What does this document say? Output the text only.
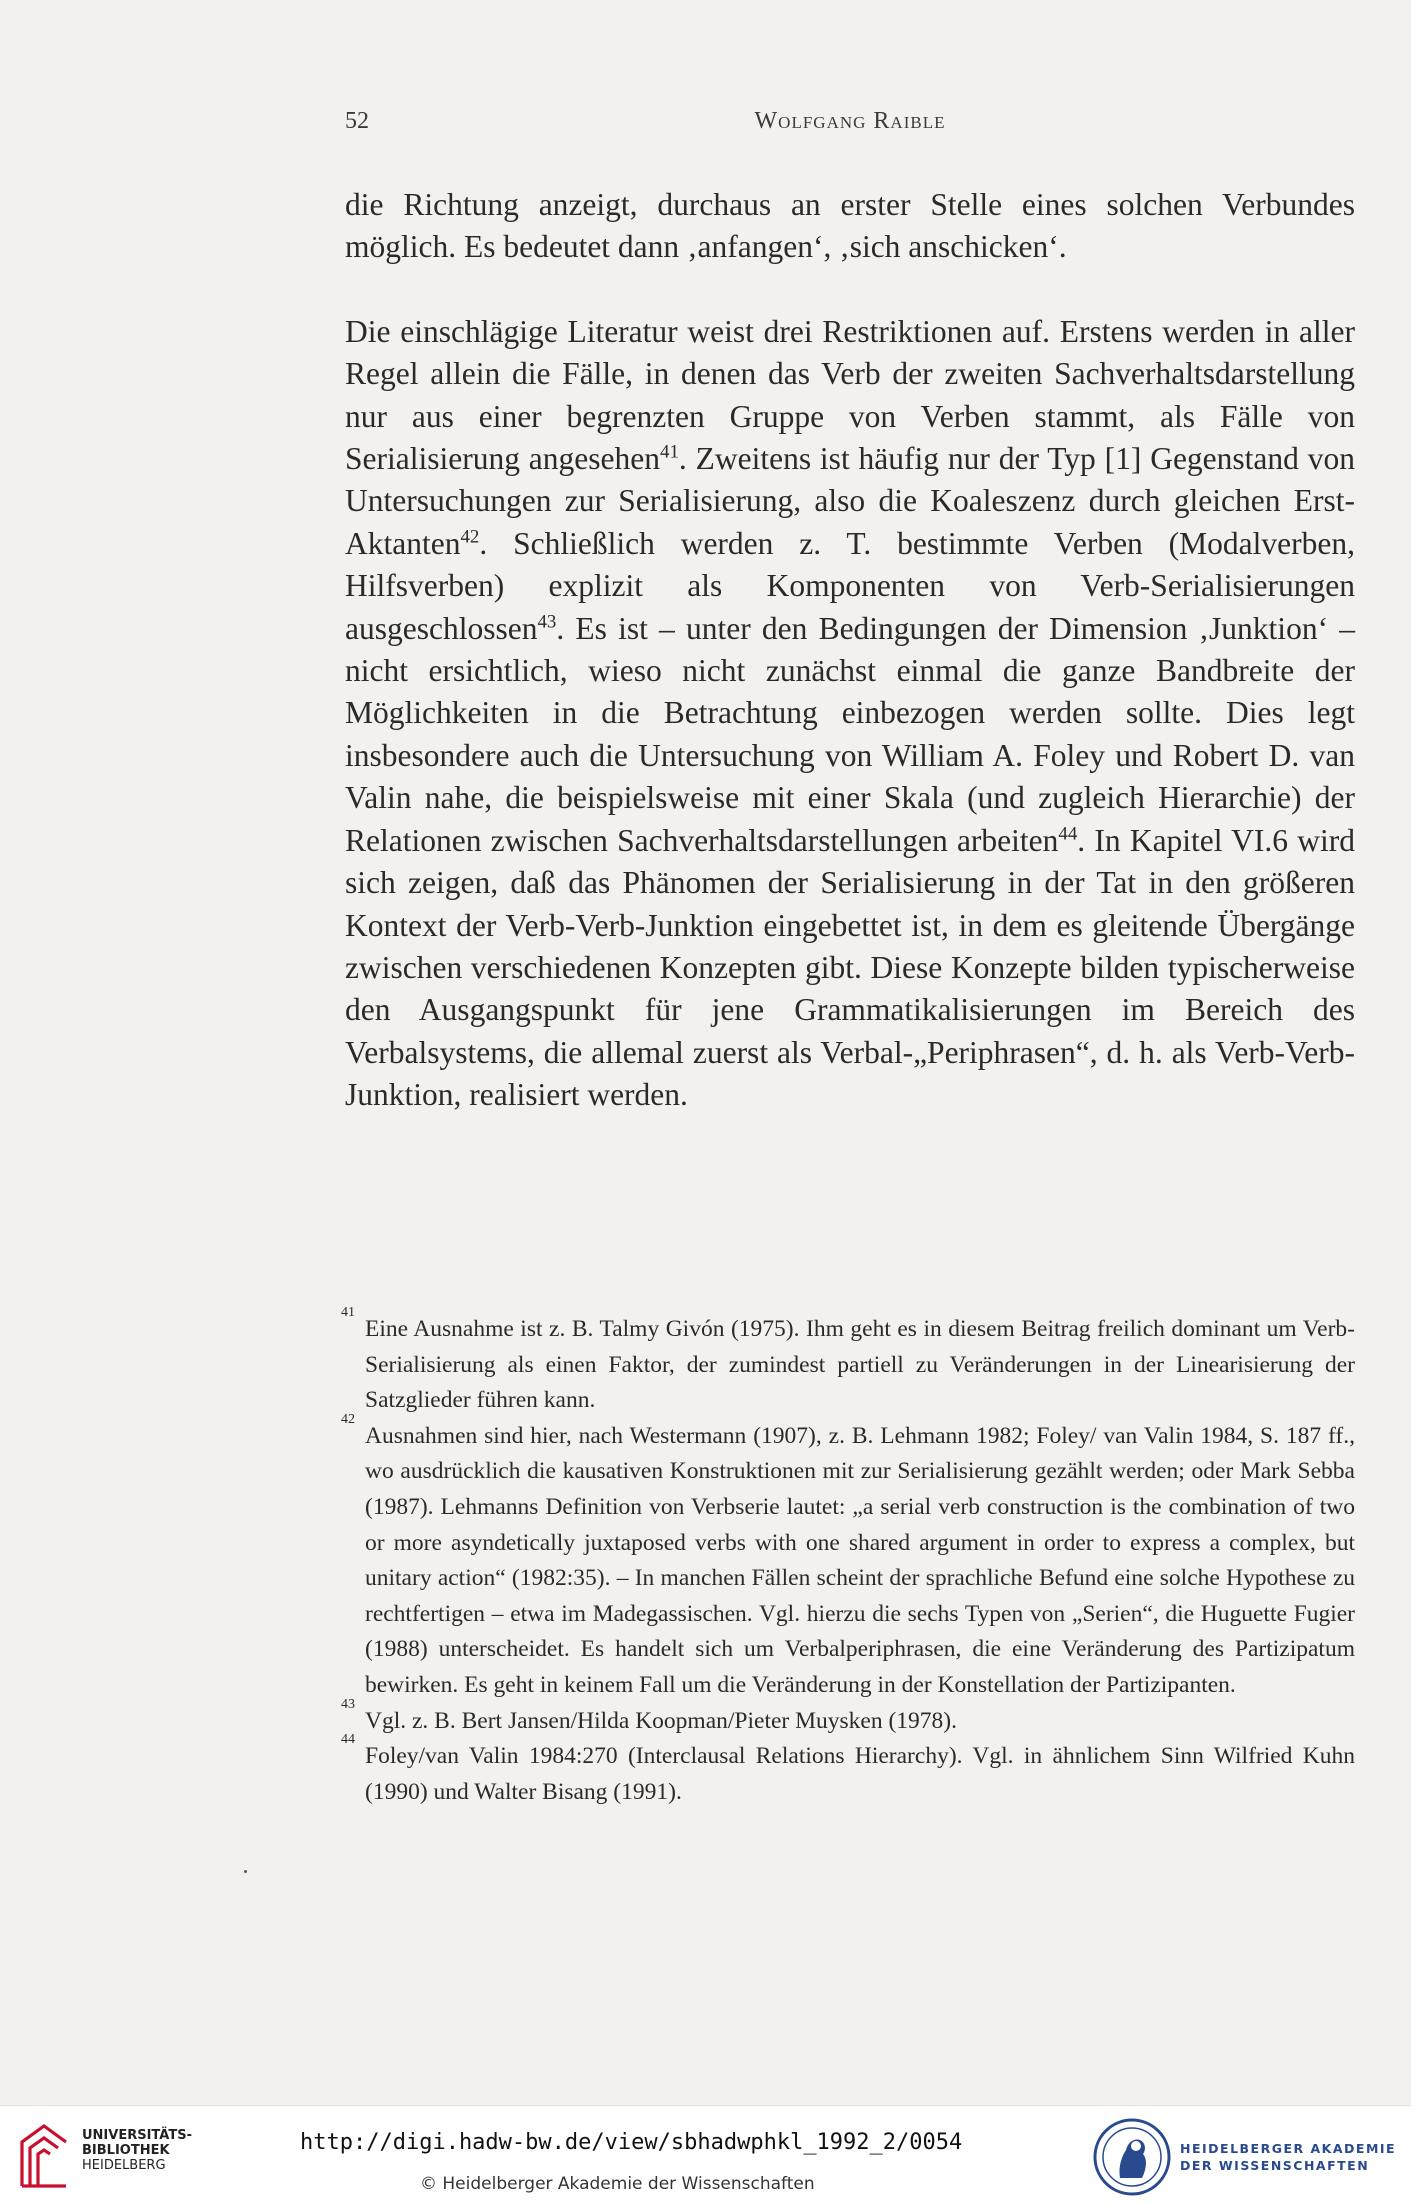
52	Wolfgang Raible

die Richtung anzeigt, durchaus an erster Stelle eines solchen Verbundes möglich. Es bedeutet dann ‚anfangen‘, ‚sich anschicken‘.

Die einschlägige Literatur weist drei Restriktionen auf. Erstens werden in aller Regel allein die Fälle, in denen das Verb der zweiten Sachverhaltsdarstellung nur aus einer begrenzten Gruppe von Verben stammt, als Fälle von Serialisierung angesehen$^{41}$. Zweitens ist häufig nur der Typ [1] Gegenstand von Untersuchungen zur Serialisierung, also die Koaleszenz durch gleichen Erst-Aktanten$^{42}$. Schließlich werden z. T. bestimmte Verben (Modalverben, Hilfsverben) explizit als Komponenten von Verb-Serialisierungen ausgeschlossen$^{43}$. Es ist – unter den Bedingungen der Dimension ‚Junktion‘ – nicht ersichtlich, wieso nicht zunächst einmal die ganze Bandbreite der Möglichkeiten in die Betrachtung einbezogen werden sollte. Dies legt insbesondere auch die Untersuchung von William A. Foley und Robert D. van Valin nahe, die beispielsweise mit einer Skala (und zugleich Hierarchie) der Relationen zwischen Sachverhaltsdarstellungen arbeiten$^{44}$. In Kapitel VI.6 wird sich zeigen, daß das Phänomen der Serialisierung in der Tat in den größeren Kontext der Verb-Verb-Junktion eingebettet ist, in dem es gleitende Übergänge zwischen verschiedenen Konzepten gibt. Diese Konzepte bilden typischerweise den Ausgangspunkt für jene Grammatikalisierungen im Bereich des Verbalsystems, die allemal zuerst als Verbal-„Periphrasen“, d. h. als Verb-Verb-Junktion, realisiert werden.

41
Eine Ausnahme ist z. B. Talmy Givón (1975). Ihm geht es in diesem Beitrag freilich dominant um Verb-Serialisierung als einen Faktor, der zumindest partiell zu Veränderungen in der Linearisierung der Satzglieder führen kann.

42
Ausnahmen sind hier, nach Westermann (1907), z. B. Lehmann 1982; Foley/ van Valin 1984, S. 187 ff., wo ausdrücklich die kausativen Konstruktionen mit zur Serialisierung gezählt werden; oder Mark Sebba (1987). Lehmanns Definition von Verbserie lautet: „a serial verb construction is the combination of two or more asyndetically juxtaposed verbs with one shared argument in order to express a complex, but unitary action“ (1982:35). – In manchen Fällen scheint der sprachliche Befund eine solche Hypothese zu rechtfertigen – etwa im Madegassischen. Vgl. hierzu die sechs Typen von „Serien“, die Huguette Fugier (1988) unterscheidet. Es handelt sich um Verbalperiphrasen, die eine Veränderung des Partizipatum bewirken. Es geht in keinem Fall um die Veränderung in der Konstellation der Partizipanten.

43
Vgl. z. B. Bert Jansen/Hilda Koopman/Pieter Muysken (1978).

44
Foley/van Valin 1984:270 (Interclausal Relations Hierarchy). Vgl. in ähnlichem Sinn Wilfried Kuhn (1990) und Walter Bisang (1991).

UNIVERSITÄTS-
BIBLIOTHEK
HEIDELBERG
http://digi.hadw-bw.de/view/sbhadwphkl_1992_2/0054
© Heidelberger Akademie der Wissenschaften
HEIDELBERGER AKADEMIE
DER WISSENSCHAFTEN
